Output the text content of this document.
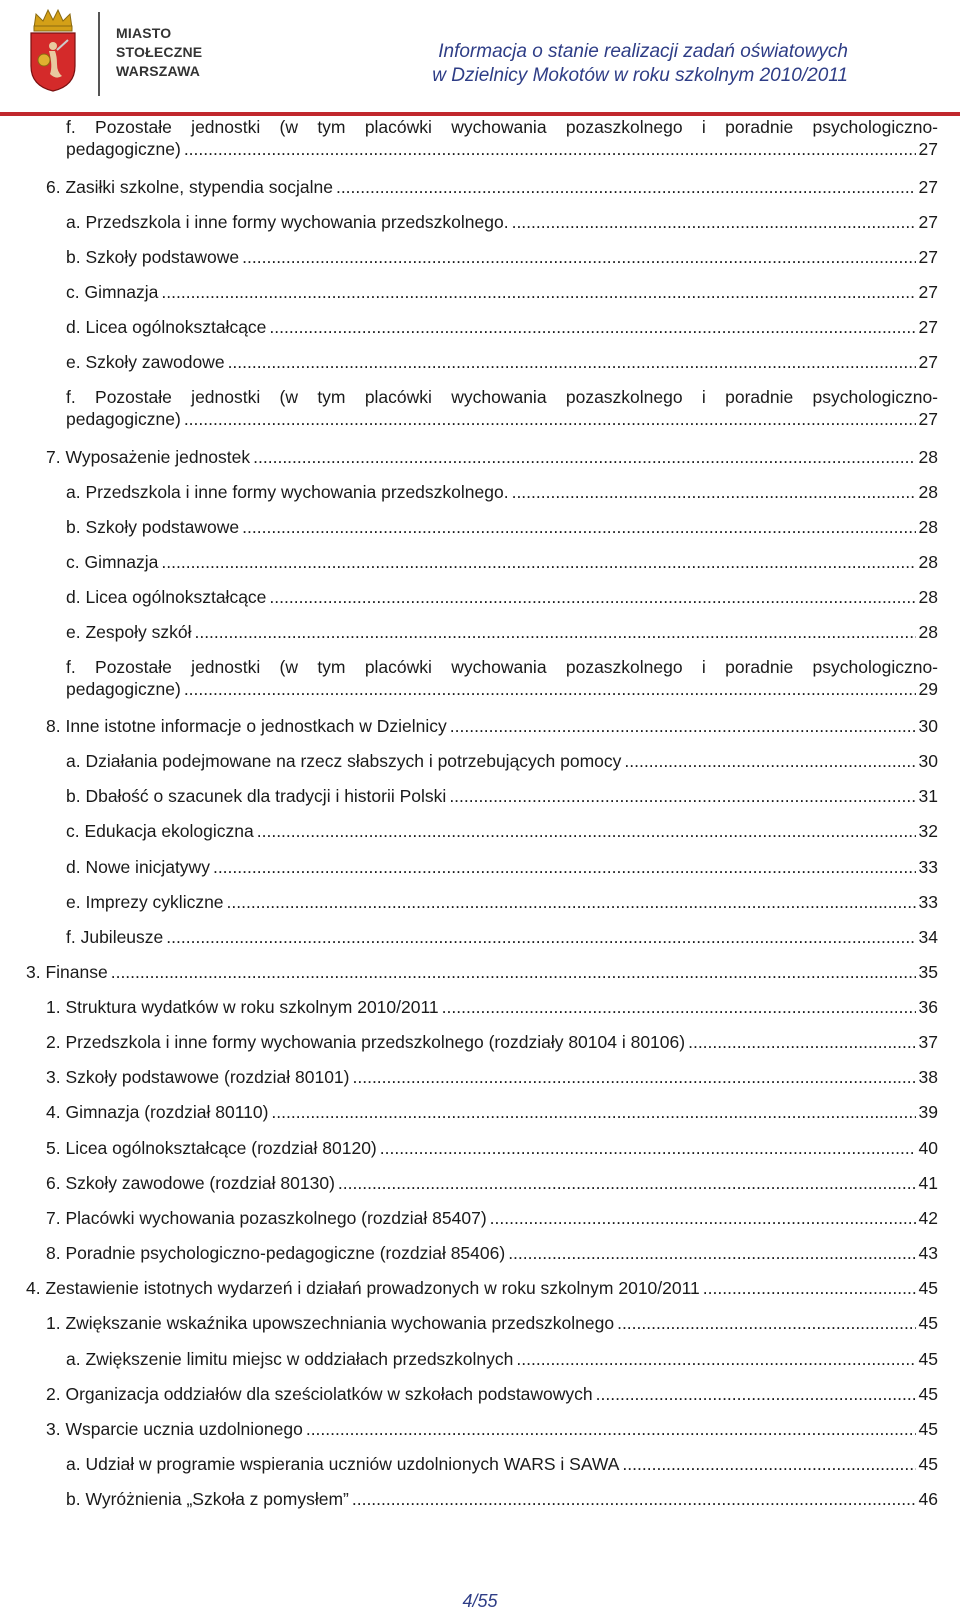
MIASTO
STOŁECZNE
WARSZAWA
Informacja o stanie realizacji zadań oświatowych
w Dzielnicy Mokotów w roku szkolnym 2010/2011
f. Pozostałe jednostki (w tym placówki wychowania pozaszkolnego i poradnie psychologiczno-
pedagogiczne) .....	27
6. Zasiłki szkolne, stypendia socjalne .....	27
a. Przedszkola i inne formy wychowania przedszkolnego. .....	27
b. Szkoły podstawowe .....	27
c. Gimnazja .....	27
d. Licea ogólnokształcące .....	27
e. Szkoły zawodowe .....	27
f. Pozostałe jednostki (w tym placówki wychowania pozaszkolnego i poradnie psychologiczno-
pedagogiczne) .....	27
7. Wyposażenie jednostek .....	28
a. Przedszkola i inne formy wychowania przedszkolnego. .....	28
b. Szkoły podstawowe .....	28
c. Gimnazja .....	28
d. Licea ogólnokształcące .....	28
e. Zespoły szkół .....	28
f. Pozostałe jednostki (w tym placówki wychowania pozaszkolnego i poradnie psychologiczno-
pedagogiczne) .....	29
8. Inne istotne informacje o jednostkach w Dzielnicy .....	30
a. Działania podejmowane na rzecz słabszych i potrzebujących pomocy .....	30
b. Dbałość o szacunek dla tradycji i historii Polski .....	31
c. Edukacja ekologiczna .....	32
d. Nowe inicjatywy .....	33
e. Imprezy cykliczne .....	33
f. Jubileusze .....	34
3. Finanse .....	35
1. Struktura wydatków w roku szkolnym 2010/2011 .....	36
2. Przedszkola i inne formy wychowania przedszkolnego (rozdziały 80104 i 80106) .....	37
3. Szkoły podstawowe (rozdział 80101) .....	38
4. Gimnazja (rozdział 80110) .....	39
5. Licea ogólnokształcące (rozdział 80120) .....	40
6. Szkoły zawodowe (rozdział 80130) .....	41
7. Placówki wychowania pozaszkolnego (rozdział 85407) .....	42
8. Poradnie psychologiczno-pedagogiczne (rozdział 85406) .....	43
4. Zestawienie istotnych wydarzeń i działań prowadzonych w roku szkolnym 2010/2011 .....	45
1. Zwiększanie wskaźnika upowszechniania wychowania przedszkolnego .....	45
a. Zwiększenie limitu miejsc w oddziałach przedszkolnych .....	45
2. Organizacja oddziałów dla sześciolatków w szkołach podstawowych .....	45
3. Wsparcie ucznia uzdolnionego .....	45
a. Udział w programie wspierania uczniów uzdolnionych WARS i SAWA .....	45
b. Wyróżnienia „Szkoła z pomysłem” .....	46
4/55
